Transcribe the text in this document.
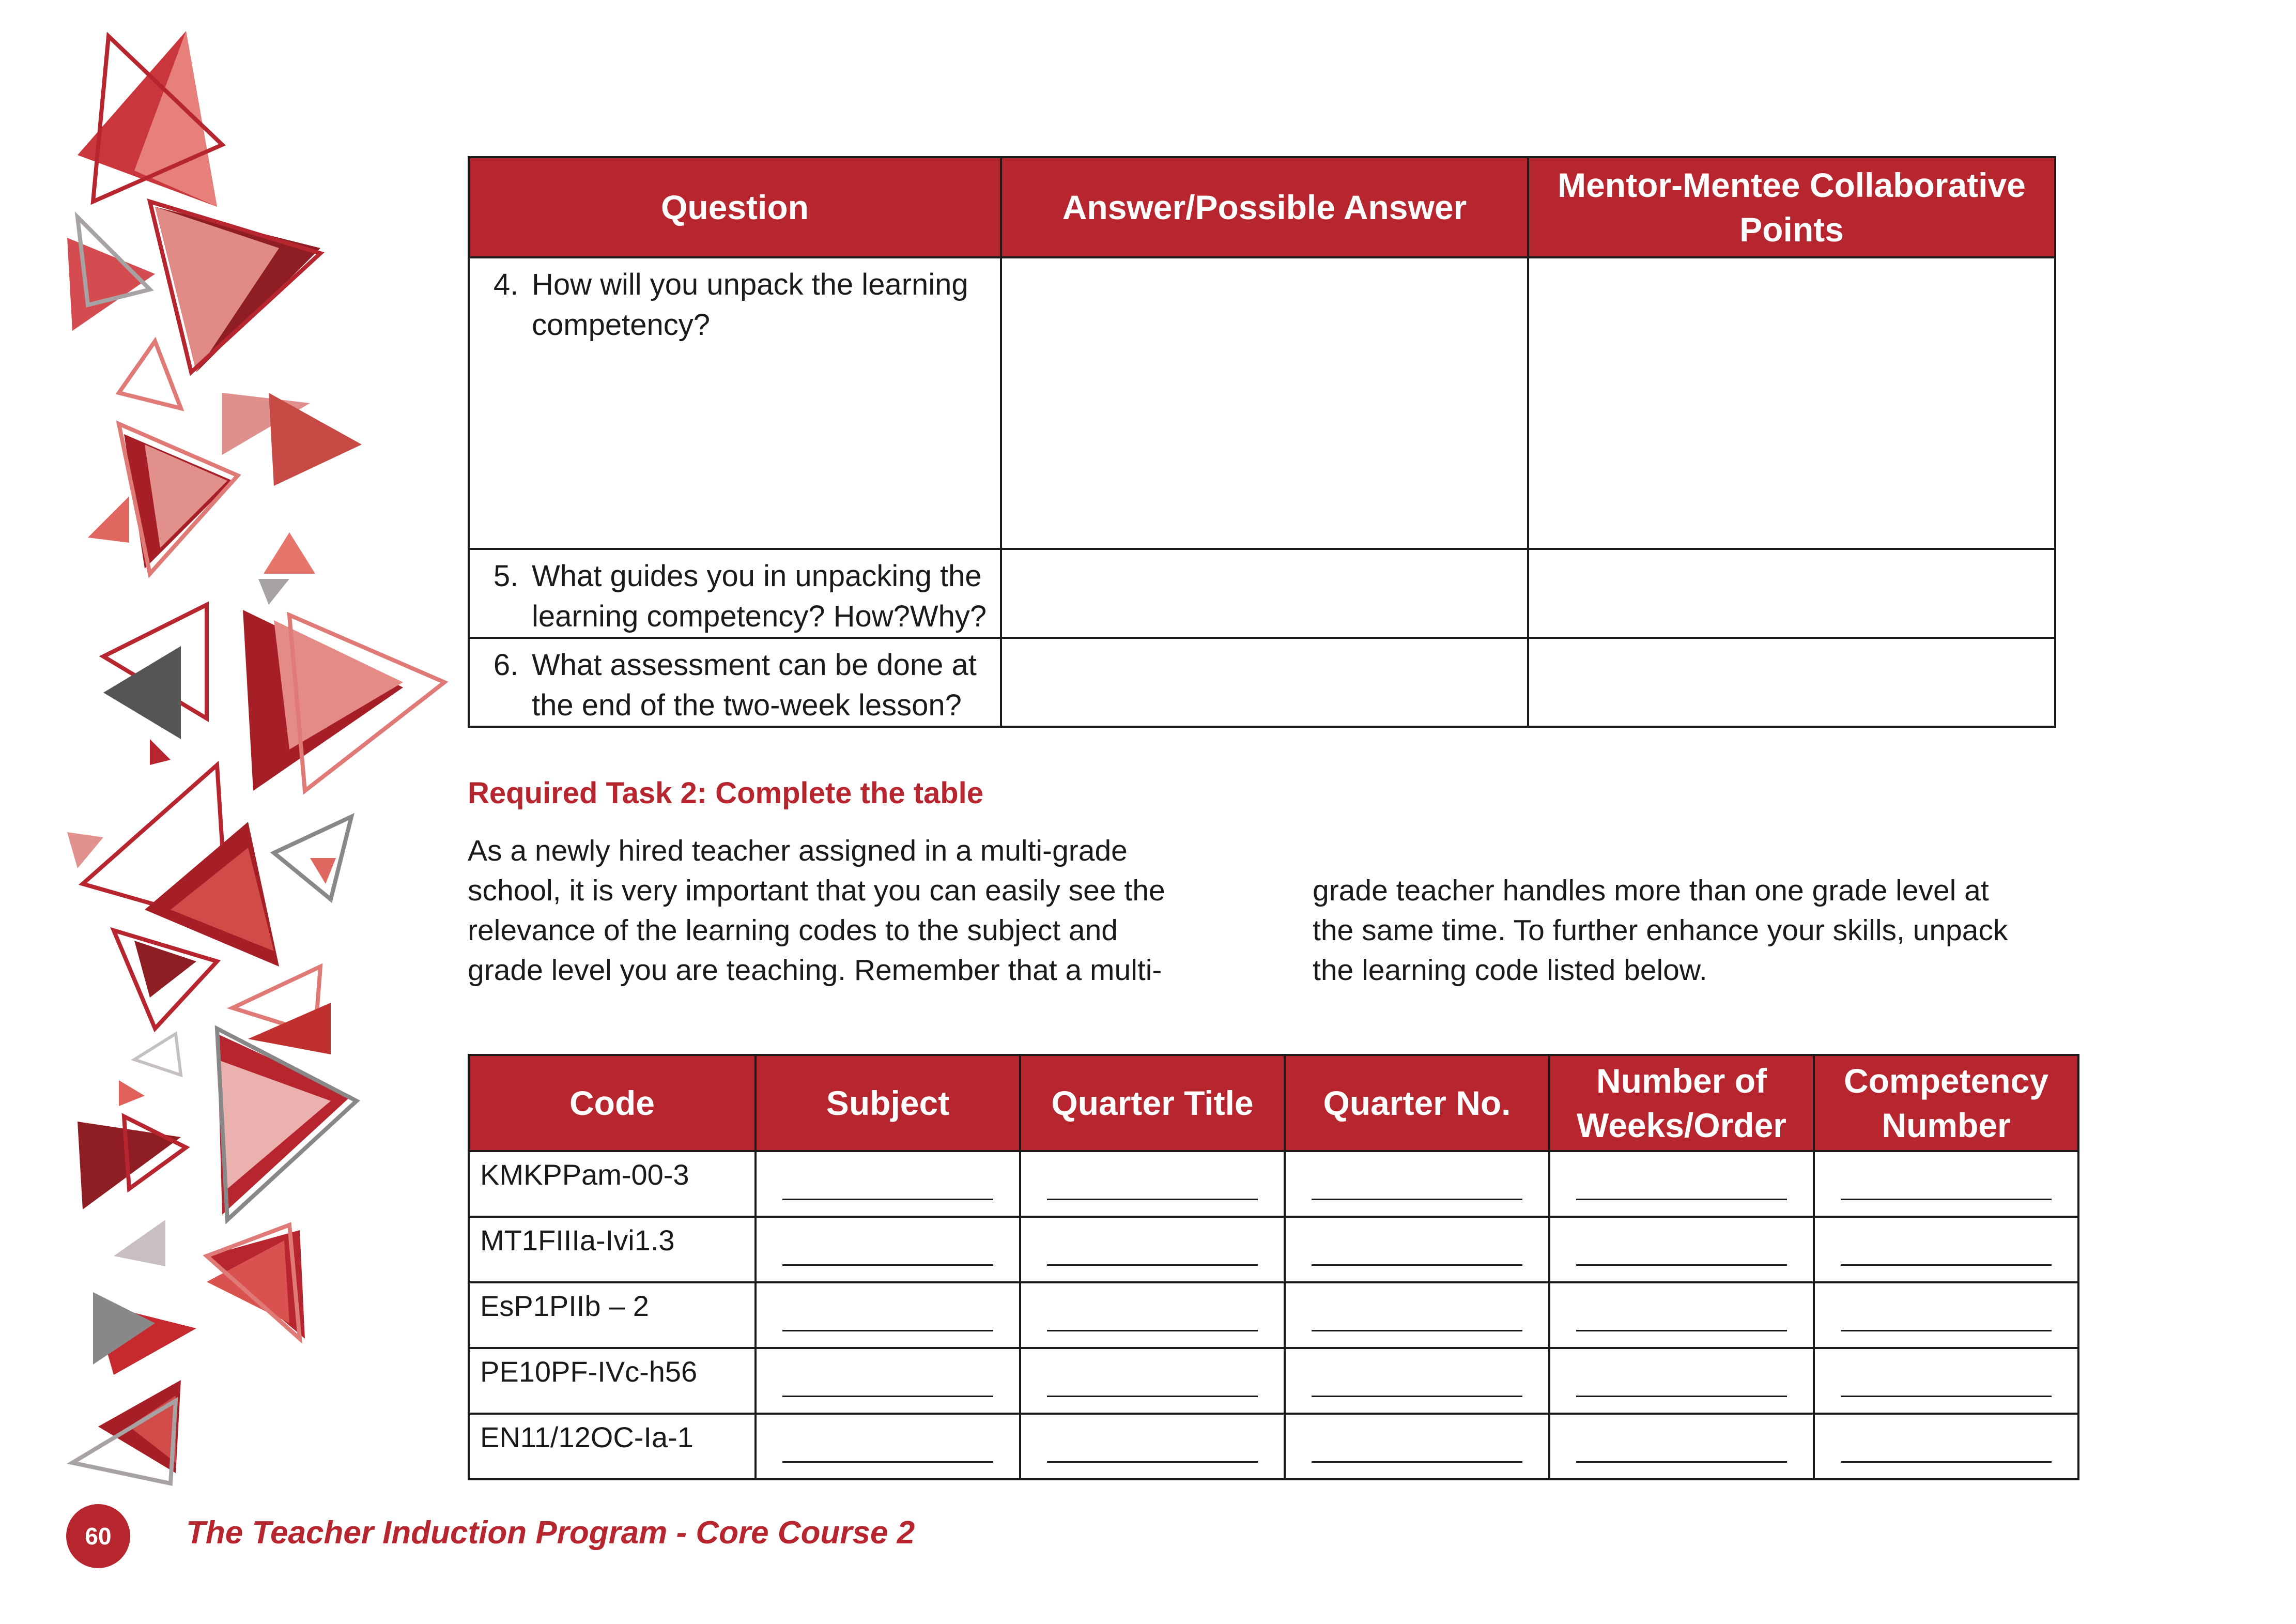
Question	Answer/Possible Answer	Mentor-Mentee Collaborative Points

4. How will you unpack the learning competency?		

5. What guides you in unpacking the learning competency? How?Why?		

6. What assessment can be done at the end of the two-week lesson?		

Required Task 2: Complete the table
As a newly hired teacher assigned in a multi-grade
school, it is very important that you can easily see the
relevance of the learning codes to the subject and
grade level you are teaching. Remember that a multi-
grade teacher handles more than one grade level at
the same time. To further enhance your skills, unpack
the learning code listed below.
Code	Subject	Quarter Title	Quarter No.	Number of Weeks/Order	Competency Number
KMKPPam-00-3	

MT1FIIIa-Ivi1.3	

EsP1PIIb – 2	

PE10PF-IVc-h56	

EN11/12OC-Ia-1	

60	The Teacher Induction Program - Core Course 2
